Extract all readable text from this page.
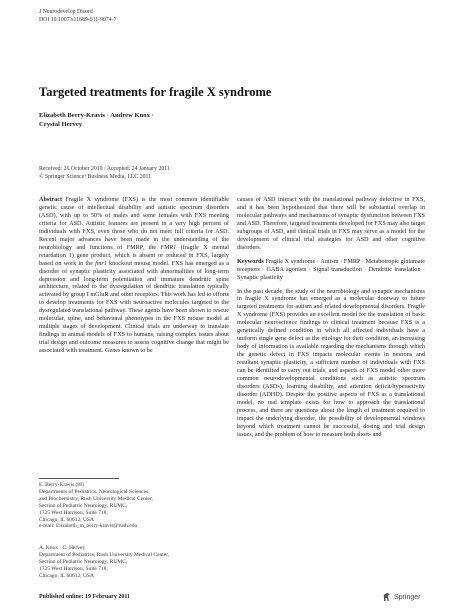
J Neurodevelop Disord
DOI 10.1007/s11689-011-9074-7
Targeted treatments for fragile X syndrome
Elizabeth Berry-Kravis · Andrew Knox ·
Crystal Hervey
Received: 26 October 2010 / Accepted: 24 January 2011
© Springer Science+Business Media, LLC 2011

Abstract Fragile X syndrome (FXS) is the most common identifiable genetic cause of intellectual disability and autistic spectrum disorders (ASD), with up to 50% of males and some females with FXS meeting criteria for ASD. Autistic features are present in a very high percent of individuals with FXS, even those who do not meet full criteria for ASD. Recent major advances have been made in the understanding of the neurobiology and functions of FMRP, the FMR1 (fragile X mental retardation 1) gene product, which is absent or reduced in FXS, largely based on work in the fmr1 knockout mouse model. FXS has emerged as a disorder of synaptic plasticity associated with abnormalities of long-term depression and long-term potentiation and immature dendritic spine architecture, related to the dysregulation of dendritic translation typically activated by group I mGluR and other receptors. This work has led to efforts to develop treatments for FXS with neuroactive molecules targeted to the dysregulated translational pathway. These agents have been shown to rescue molecular, spine, and behavioral phenotypes in the FXS mouse model at multiple stages of development. Clinical trials are underway to translate findings in animal models of FXS to humans, raising complex issues about trial design and outcome measures to assess cognitive change that might be associated with treatment. Genes known to be

E. Berry-Kravis (✉)
Departments of Pediatrics, Neurological Sciences,
and Biochemistry, Rush University Medical Center,
Section of Pediatric Neurology, RUMC,
1725 West Harrison, Suite 718,
Chicago, IL 60612, USA
e-mail: Elizabeth_m_berry-kravis@rush.edu
A. Knox · C. Hervey
Department of Pediatrics, Rush University Medical Center,
Section of Pediatric Neurology, RUMC,
1725 West Harrison, Suite 718,
Chicago, IL 60612, USA

causes of ASD interact with the translational pathway defective in FXS, and it has been hypothesized that there will be substantial overlap in molecular pathways and mechanisms of synaptic dysfunction between FXS and ASD. Therefore, targeted treatments developed for FXS may also target subgroups of ASD, and clinical trials in FXS may serve as a model for the development of clinical trial strategies for ASD and other cognitive disorders.

Keywords Fragile X syndrome · Autism · FMRP · Metabotropic glutamate receptors · GABA agonists · Signal transduction · Dendritic translation · Synaptic plasticity

In the past decade, the study of the neurobiology and synaptic mechanisms in fragile X syndrome has emerged as a molecular doorway to future targeted treatments for autism and related developmental disorders. Fragile X syndrome (FXS) provides an excellent model for the translation of basic molecular neuroscience findings to clinical treatment because FXS is a genetically defined condition in which all affected individuals have a uniform single gene defect as the etiology for their condition, an increasing body of information is available regarding the mechanisms through which the genetic defect in FXS impacts molecular events in neurons and resultant synaptic plasticity, a sufficient number of individuals with FXS can be identified to carry out trials, and aspects of FXS model other more common neurodevelopmental conditions such as autistic spectrum disorders (ASDs), learning disability, and attention deficit/hyperactivity disorder (ADHD). Despite the positive aspects of FXS as a translational model, no real template exists for how to approach the translational process, and there are questions about the length of treatment required to impact the underlying disorder, the possibility of developmental windows beyond which treatment cannot be successful, dosing and trial design issues, and the problem of how to measure both short- and

Published online: 19 February 2011	Springer
